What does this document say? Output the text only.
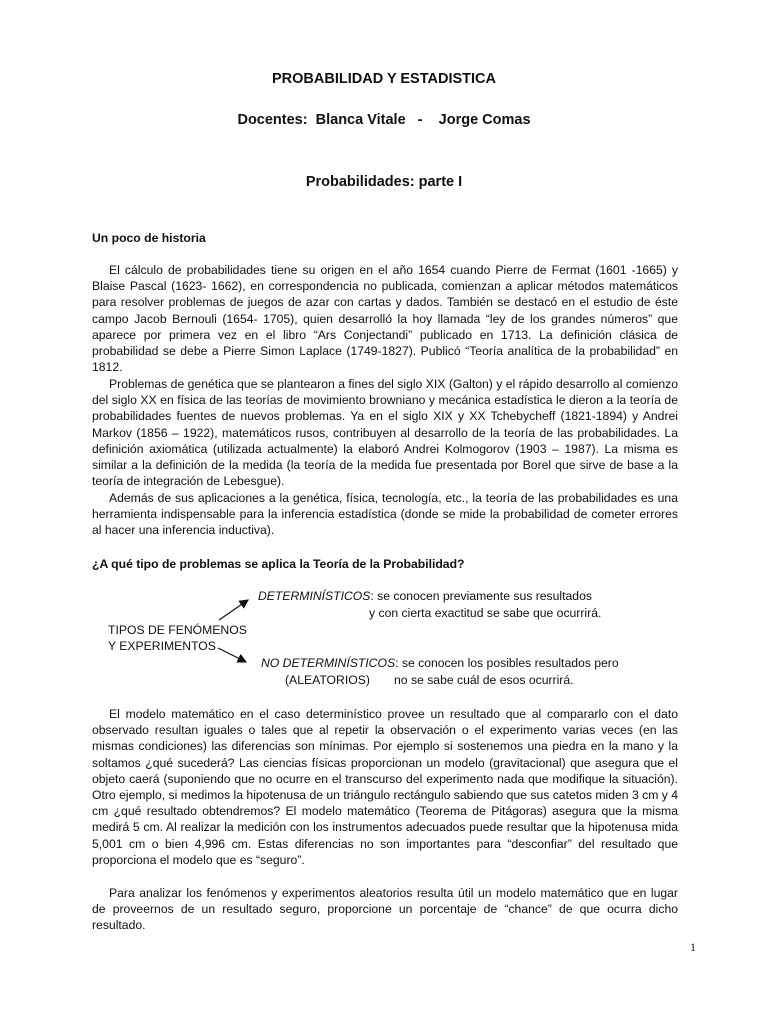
PROBABILIDAD Y ESTADISTICA
Docentes:  Blanca Vitale   -    Jorge Comas
Probabilidades: parte I
Un poco de historia

El cálculo de probabilidades tiene su origen en el año 1654 cuando Pierre de Fermat (1601 -1665) y Blaise Pascal (1623- 1662), en correspondencia no publicada, comienzan a aplicar métodos matemáticos para resolver problemas de juegos de azar con cartas y dados. También se destacó en el estudio de éste campo Jacob Bernouli (1654- 1705), quien desarrolló la hoy llamada “ley de los grandes números” que aparece por primera vez en el libro “Ars Conjectandi” publicado en 1713. La definición clásica de probabilidad se debe a Pierre Simon Laplace (1749-1827). Publicó “Teoría analítica de la probabilidad” en 1812.

Problemas de genética que se plantearon a fines del siglo XIX (Galton) y el rápido desarrollo al comienzo del siglo XX en física de las teorías de movimiento browniano y mecánica estadística le dieron a la teoría de probabilidades fuentes de nuevos problemas. Ya en el siglo XIX y XX Tchebycheff (1821-1894) y Andrei Markov (1856 – 1922), matemáticos rusos, contribuyen al desarrollo de la teoría de las probabilidades. La definición axiomática (utilizada actualmente) la elaboró Andrei Kolmogorov (1903 – 1987). La misma es similar a la definición de la medida (la teoría de la medida fue presentada por Borel que sirve de base a la teoría de integración de Lebesgue).

Además de sus aplicaciones a la genética, física, tecnología, etc., la teoría de las probabilidades es una herramienta indispensable para la inferencia estadística (donde se mide la probabilidad de cometer errores al hacer una inferencia inductiva).

¿A qué tipo de problemas se aplica la Teoría de la Probabilidad?
DETERMINÍSTICOS: se conocen previamente sus resultados
y con cierta exactitud se sabe que ocurrirá.
TIPOS DE FENÓMENOS
Y EXPERIMENTOS
NO DETERMINÍSTICOS: se conocen los posibles resultados pero
(ALEATORIOS) no se sabe cuál de esos ocurrirá.

El modelo matemático en el caso determinístico provee un resultado que al compararlo con el dato observado resultan iguales o tales que al repetir la observación o el experimento varias veces (en las mismas condiciones) las diferencias son mínimas. Por ejemplo si sostenemos una piedra en la mano y la soltamos ¿qué sucederá? Las ciencias físicas proporcionan un modelo (gravitacional) que asegura que el objeto caerá (suponiendo que no ocurre en el transcurso del experimento nada que modifique la situación). Otro ejemplo, si medimos la hipotenusa de un triángulo rectángulo sabiendo que sus catetos miden 3 cm y 4 cm ¿qué resultado obtendremos? El modelo matemático (Teorema de Pitágoras) asegura que la misma medirá 5 cm. Al realizar la medición con los instrumentos adecuados puede resultar que la hipotenusa mida 5,001 cm o bien 4,996 cm. Estas diferencias no son importantes para “desconfiar” del resultado que proporciona el modelo que es “seguro”.

Para analizar los fenómenos y experimentos aleatorios resulta útil un modelo matemático que en lugar de proveernos de un resultado seguro, proporcione un porcentaje de “chance” de que ocurra dicho resultado.

1
